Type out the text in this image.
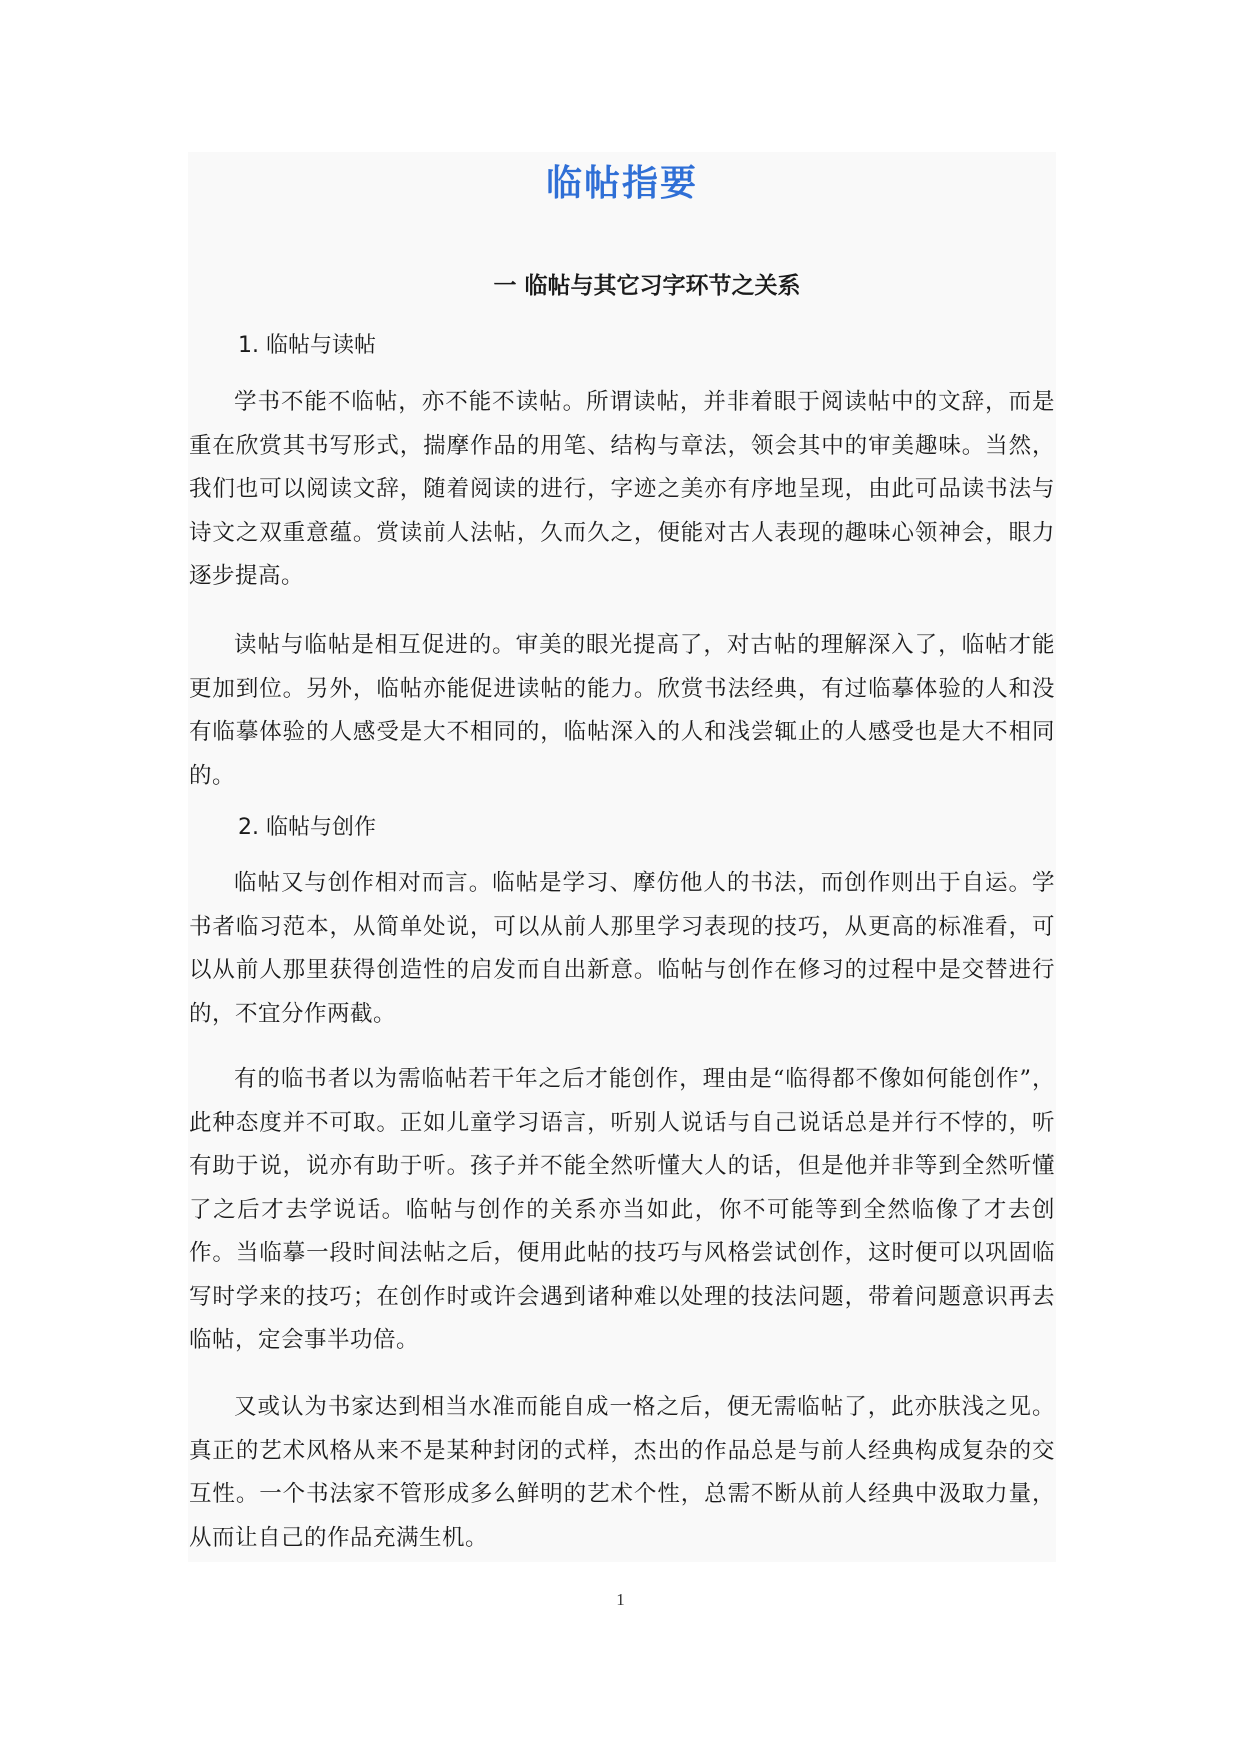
临帖指要
一 临帖与其它习字环节之关系
1. 临帖与读帖

学书不能不临帖，亦不能不读帖。所谓读帖，并非着眼于阅读帖中的文辞，而是重在欣赏其书写形式，揣摩作品的用笔、结构与章法，领会其中的审美趣味。当然，我们也可以阅读文辞，随着阅读的进行，字迹之美亦有序地呈现，由此可品读书法与诗文之双重意蕴。赏读前人法帖，久而久之，便能对古人表现的趣味心领神会，眼力逐步提高。

读帖与临帖是相互促进的。审美的眼光提高了，对古帖的理解深入了，临帖才能更加到位。另外，临帖亦能促进读帖的能力。欣赏书法经典，有过临摹体验的人和没有临摹体验的人感受是大不相同的，临帖深入的人和浅尝辄止的人感受也是大不相同的。

2. 临帖与创作

临帖又与创作相对而言。临帖是学习、摩仿他人的书法，而创作则出于自运。学书者临习范本，从简单处说，可以从前人那里学习表现的技巧，从更高的标准看，可以从前人那里获得创造性的启发而自出新意。临帖与创作在修习的过程中是交替进行的，不宜分作两截。

有的临书者以为需临帖若干年之后才能创作，理由是“临得都不像如何能创作”，此种态度并不可取。正如儿童学习语言，听别人说话与自己说话总是并行不悖的，听有助于说，说亦有助于听。孩子并不能全然听懂大人的话，但是他并非等到全然听懂了之后才去学说话。临帖与创作的关系亦当如此，你不可能等到全然临像了才去创作。当临摹一段时间法帖之后，便用此帖的技巧与风格尝试创作，这时便可以巩固临写时学来的技巧；在创作时或许会遇到诸种难以处理的技法问题，带着问题意识再去临帖，定会事半功倍。

又或认为书家达到相当水准而能自成一格之后，便无需临帖了，此亦肤浅之见。真正的艺术风格从来不是某种封闭的式样，杰出的作品总是与前人经典构成复杂的交互性。一个书法家不管形成多么鲜明的艺术个性，总需不断从前人经典中汲取力量，从而让自己的作品充满生机。

1
